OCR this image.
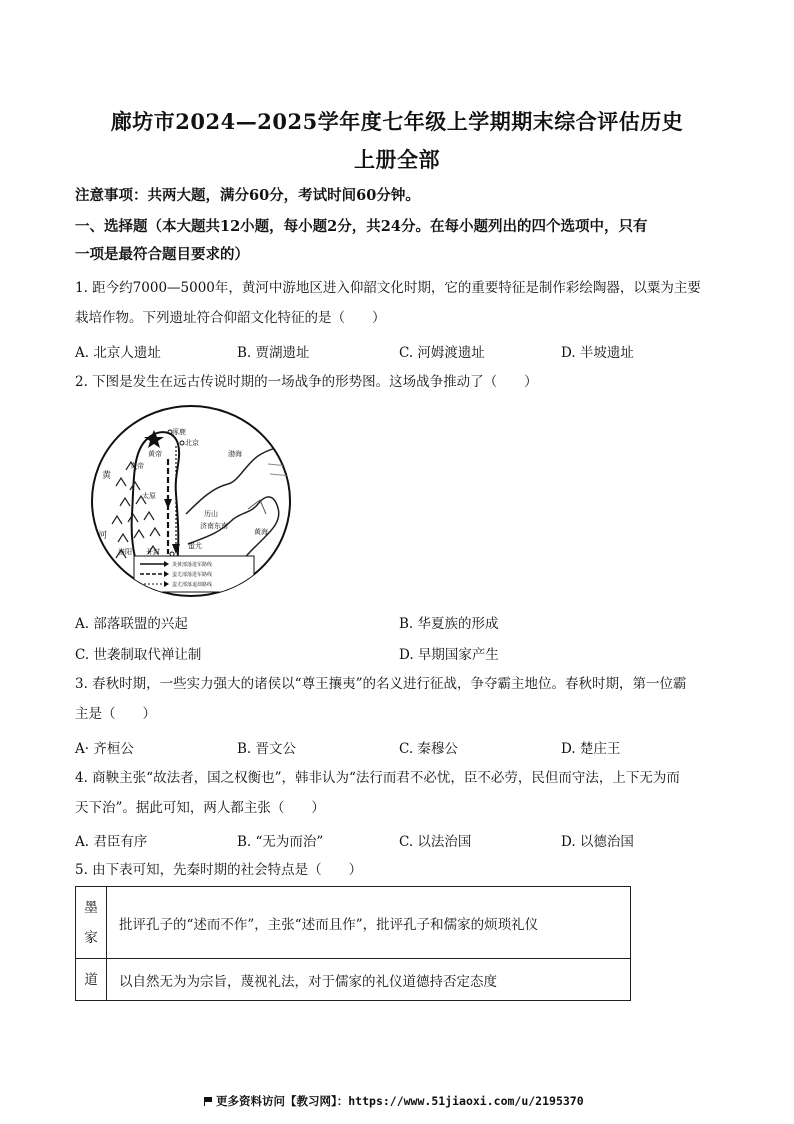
廊坊市2024—2025学年度七年级上学期期末综合评估历史
上册全部
注意事项：共两大题，满分60分，考试时间60分钟。
一、选择题（本大题共12小题，每小题2分，共24分。在每小题列出的四个选项中，只有
一项是最符合题目要求的）
1. 距今约7000—5000年，黄河中游地区进入仰韶文化时期，它的重要特征是制作彩绘陶器，以粟为主要
栽培作物。下列遗址符合仰韶文化特征的是（　　）
A. 北京人遗址	B. 贾湖遗址	C. 河姆渡遗址	D. 半坡遗址
2. 下图是发生在远古传说时期的一场战争的形势图。这场战争推动了（　　）
涿鹿
北京
黄帝
炎帝
太原
渤海
历山
济南东南
黄海
开封
蚩尤
洛阳
黄
河
炎黄部落进军路线
蚩尤部落进军路线
蚩尤部落退却路线
A. 部落联盟的兴起	B. 华夏族的形成
C. 世袭制取代禅让制	D. 早期国家产生
3. 春秋时期，一些实力强大的诸侯以“尊王攘夷”的名义进行征战，争夺霸主地位。春秋时期，第一位霸
主是（　　）
A· 齐桓公	B. 晋文公	C. 秦穆公	D. 楚庄王
4. 商鞅主张“故法者，国之权衡也”，韩非认为“法行而君不必忧，臣不必劳，民但而守法，上下无为而
天下治”。据此可知，两人都主张（　　）
A. 君臣有序	B. “无为而治”	C. 以法治国	D. 以德治国
5. 由下表可知，先秦时期的社会特点是（　　）
墨家	批评孔子的“述而不作”，主张“述而且作”，批评孔子和儒家的烦琐礼仪
道	以自然无为为宗旨，蔑视礼法，对于儒家的礼仪道德持否定态度
更多资料访问【教习网】：https://www.51jiaoxi.com/u/2195370
